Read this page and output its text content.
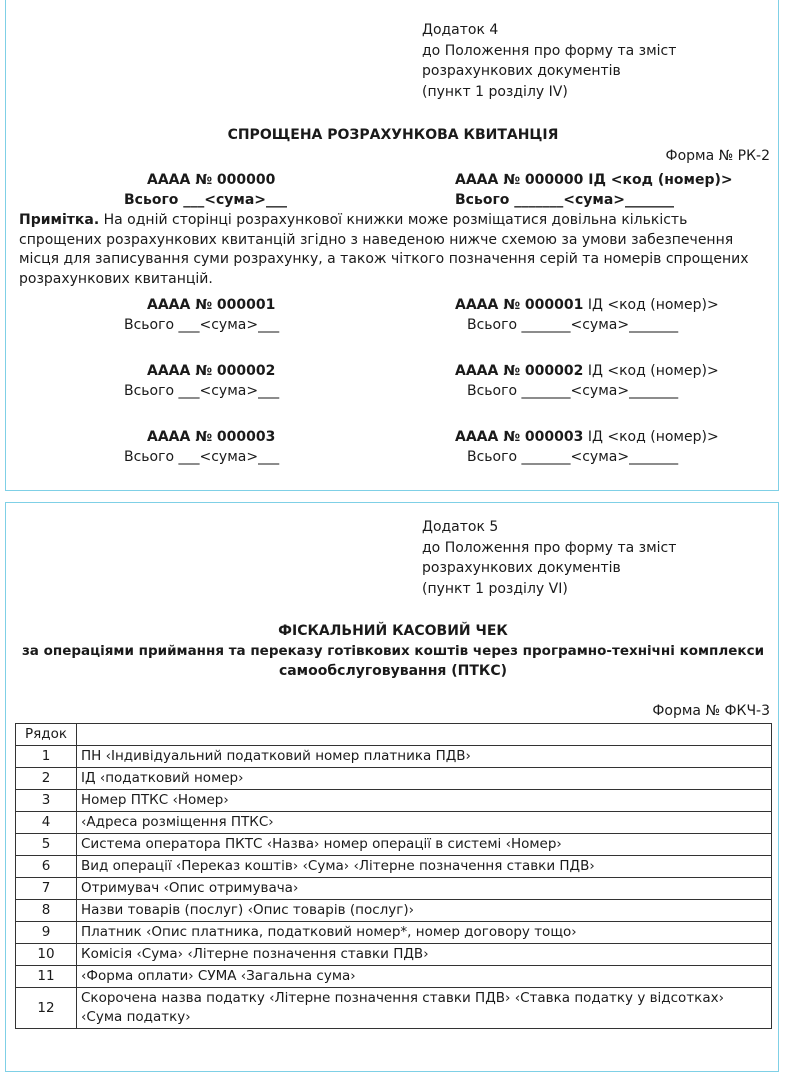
Додаток 4
до Положення про форму та зміст
розрахункових документів
(пункт 1 розділу IV)
СПРОЩЕНА РОЗРАХУНКОВА КВИТАНЦІЯ
Форма № РК-2
АААА № 000000
Всього ___<сума>___
АААА № 000000 ІД <код (номер)>
Всього _______<сума>_______
Примітка. На одній сторінці розрахункової книжки може розміщатися довільна кількість спрощених розрахункових квитанцій згідно з наведеною нижче схемою за умови забезпечення місця для записування суми розрахунку, а також чіткого позначення серій та номерів спрощених розрахункових квитанцій.
АААА № 000001
Всього ___<сума>___
АААА № 000001 ІД <код (номер)>
Всього _______<сума>_______
АААА № 000002
Всього ___<сума>___
АААА № 000002 ІД <код (номер)>
Всього _______<сума>_______
АААА № 000003
Всього ___<сума>___
АААА № 000003 ІД <код (номер)>
Всього _______<сума>_______
Додаток 5
до Положення про форму та зміст
розрахункових документів
(пункт 1 розділу VI)
ФІСКАЛЬНИЙ КАСОВИЙ ЧЕК
за операціями приймання та переказу готівкових коштів через програмно-технічні комплекси
самообслуговування (ПТКС)
Форма № ФКЧ-3
Рядок	
1	ПН ‹Індивідуальний податковий номер платника ПДВ›
2	ІД ‹податковий номер›
3	Номер ПТКС ‹Номер›
4	‹Адреса розміщення ПТКС›
5	Система оператора ПКТС ‹Назва› номер операції в системі ‹Номер›
6	Вид операції ‹Переказ коштів› ‹Сума› ‹Літерне позначення ставки ПДВ›
7	Отримувач ‹Опис отримувача›
8	Назви товарів (послуг) ‹Опис товарів (послуг)›
9	Платник ‹Опис платника, податковий номер*, номер договору тощо›
10	Комісія ‹Сума› ‹Літерне позначення ставки ПДВ›
11	‹Форма оплати› СУМА ‹Загальна сума›
12	Скорочена назва податку ‹Літерне позначення ставки ПДВ› ‹Ставка податку у відсотках› ‹Сума податку›
